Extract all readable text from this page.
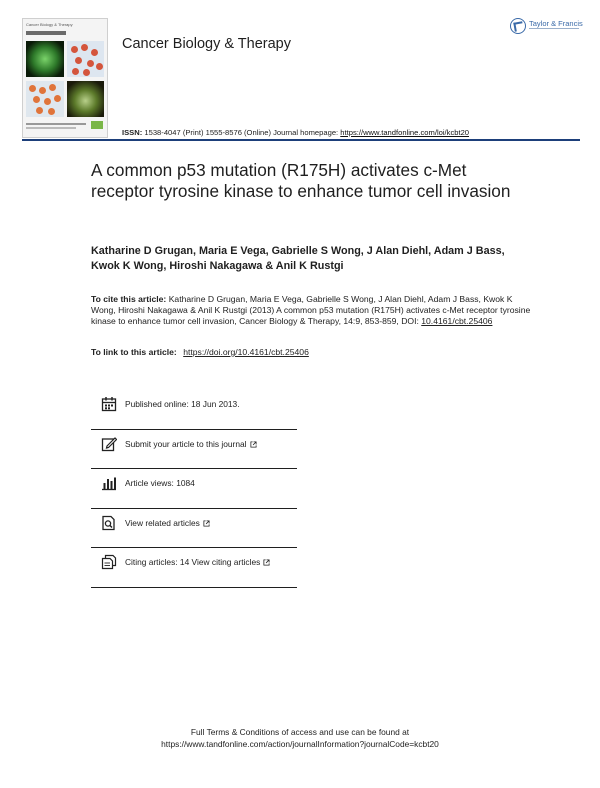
Cancer Biology & Therapy
Cancer Biology & Therapy
Taylor & Francis
ISSN: 1538-4047 (Print) 1555-8576 (Online) Journal homepage: https://www.tandfonline.com/loi/kcbt20
A common p53 mutation (R175H) activates c-Met receptor tyrosine kinase to enhance tumor cell invasion
Katharine D Grugan, Maria E Vega, Gabrielle S Wong, J Alan Diehl, Adam J Bass, Kwok K Wong, Hiroshi Nakagawa & Anil K Rustgi
To cite this article: Katharine D Grugan, Maria E Vega, Gabrielle S Wong, J Alan Diehl, Adam J Bass, Kwok K Wong, Hiroshi Nakagawa & Anil K Rustgi (2013) A common p53 mutation (R175H) activates c-Met receptor tyrosine kinase to enhance tumor cell invasion, Cancer Biology & Therapy, 14:9, 853-859, DOI: 10.4161/cbt.25406
To link to this article: https://doi.org/10.4161/cbt.25406
Published online: 18 Jun 2013.
Submit your article to this journal
Article views: 1084
View related articles
Citing articles: 14 View citing articles
Full Terms & Conditions of access and use can be found at
https://www.tandfonline.com/action/journalInformation?journalCode=kcbt20
